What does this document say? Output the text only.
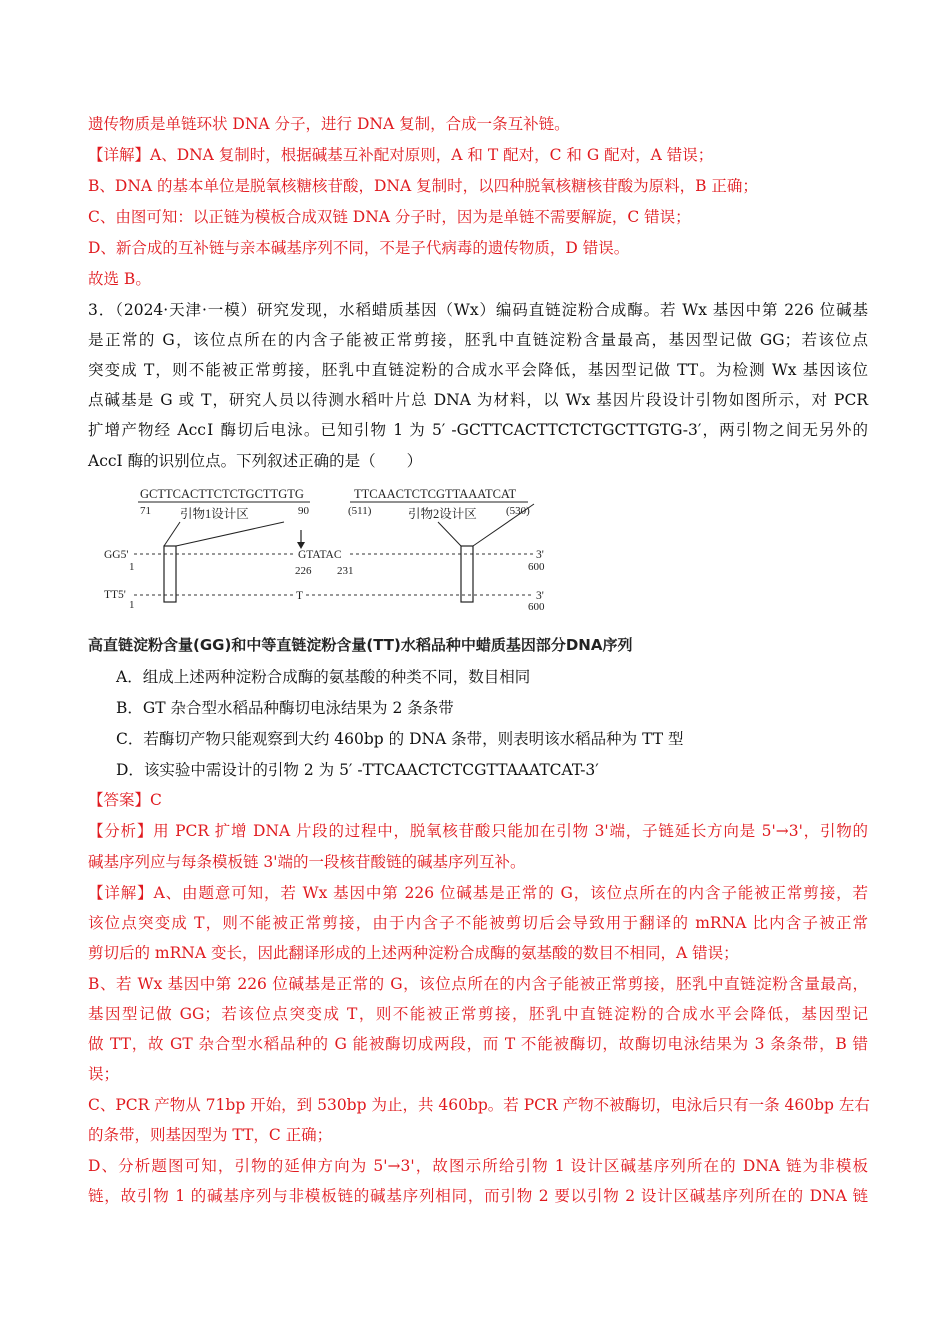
遗传物质是单链环状 DNA 分子，进行 DNA 复制，合成一条互补链。
【详解】A、DNA 复制时，根据碱基互补配对原则，A 和 T 配对，C 和 G 配对，A 错误；
B、DNA 的基本单位是脱氧核糖核苷酸，DNA 复制时，以四种脱氧核糖核苷酸为原料，B 正确；
C、由图可知：以正链为模板合成双链 DNA 分子时，因为是单链不需要解旋，C 错误；
D、新合成的互补链与亲本碱基序列不同，不是子代病毒的遗传物质，D 错误。
故选 B。
3．（2024·天津·一模）研究发现，水稻蜡质基因（Wx）编码直链淀粉合成酶。若 Wx 基因中第 226 位碱基
是正常的 G，该位点所在的内含子能被正常剪接，胚乳中直链淀粉含量最高，基因型记做 GG；若该位点
突变成 T，则不能被正常剪接，胚乳中直链淀粉的合成水平会降低，基因型记做 TT。为检测 Wx 基因该位
点碱基是 G 或 T，研究人员以待测水稻叶片总 DNA 为材料，以 Wx 基因片段设计引物如图所示，对 PCR
扩增产物经 AccⅠ 酶切后电泳。已知引物 1 为 5′ -GCTTCACTTCTCTGCTTGTG-3′，两引物之间无另外的
AccⅠ 酶的识别位点。下列叙述正确的是（　　）
GCTTCACTTCTCTGCTTGTG
71	90
引物1设计区
TTCAACTCTCGTTAAATCAT
(511)	(530)
引物2设计区
GG5'
1
GTATAC
226 231
3'
600
TT5'
1
T	3'
600
高直链淀粉含量(GG)和中等直链淀粉含量(TT)水稻品种中蜡质基因部分DNA序列
A．组成上述两种淀粉合成酶的氨基酸的种类不同，数目相同
B．GT 杂合型水稻品种酶切电泳结果为 2 条条带
C．若酶切产物只能观察到大约 460bp 的 DNA 条带，则表明该水稻品种为 TT 型
D．该实验中需设计的引物 2 为 5′ -TTCAACTCTCGTTAAATCAT-3′
【答案】C
【分析】用 PCR 扩增 DNA 片段的过程中，脱氧核苷酸只能加在引物 3'端，子链延长方向是 5'→3'，引物的
碱基序列应与每条模板链 3'端的一段核苷酸链的碱基序列互补。
【详解】A、由题意可知，若 Wx 基因中第 226 位碱基是正常的 G，该位点所在的内含子能被正常剪接，若
该位点突变成 T，则不能被正常剪接，由于内含子不能被剪切后会导致用于翻译的 mRNA 比内含子被正常
剪切后的 mRNA 变长，因此翻译形成的上述两种淀粉合成酶的氨基酸的数目不相同，A 错误；
B、若 Wx 基因中第 226 位碱基是正常的 G，该位点所在的内含子能被正常剪接，胚乳中直链淀粉含量最高，
基因型记做 GG；若该位点突变成 T，则不能被正常剪接，胚乳中直链淀粉的合成水平会降低，基因型记
做 TT，故 GT 杂合型水稻品种的 G 能被酶切成两段，而 T 不能被酶切，故酶切电泳结果为 3 条条带，B 错
误；
C、PCR 产物从 71bp 开始，到 530bp 为止，共 460bp。若 PCR 产物不被酶切，电泳后只有一条 460bp 左右
的条带，则基因型为 TT，C 正确；
D、分析题图可知，引物的延伸方向为 5'→3'，故图示所给引物 1 设计区碱基序列所在的 DNA 链为非模板
链，故引物 1 的碱基序列与非模板链的碱基序列相同，而引物 2 要以引物 2 设计区碱基序列所在的 DNA 链
